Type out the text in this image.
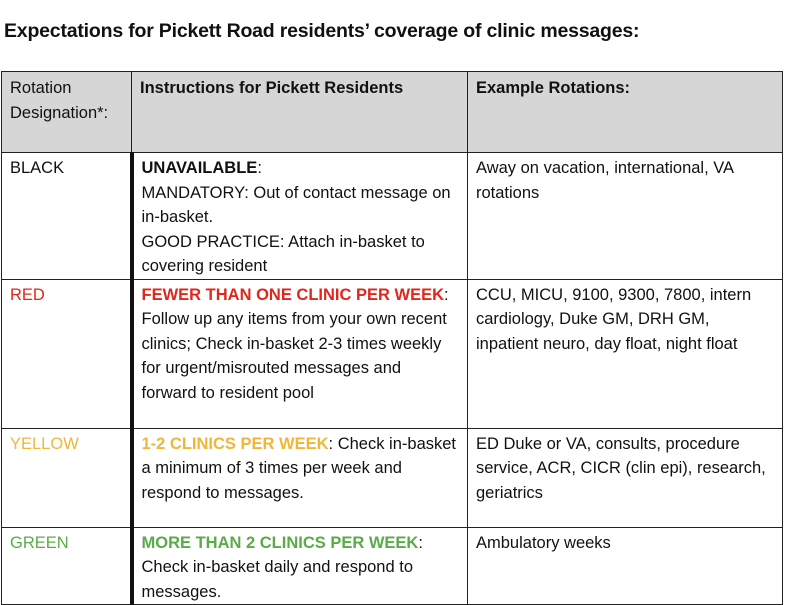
Expectations for Pickett Road residents’ coverage of clinic messages:
Rotation Designation*:	Instructions for Pickett Residents	Example Rotations:
BLACK	UNAVAILABLE:
MANDATORY: Out of contact message on in-basket.
GOOD PRACTICE: Attach in-basket to covering resident	Away on vacation, international, VA rotations
RED	FEWER THAN ONE CLINIC PER WEEK:
Follow up any items from your own recent clinics; Check in-basket 2-3 times weekly for urgent/misrouted messages and forward to resident pool	CCU, MICU, 9100, 9300, 7800, intern cardiology, Duke GM, DRH GM, inpatient neuro, day float, night float
YELLOW	1-2 CLINICS PER WEEK: Check in-basket a minimum of 3 times per week and respond to messages.	ED Duke or VA, consults, procedure service, ACR, CICR (clin epi), research, geriatrics
GREEN	MORE THAN 2 CLINICS PER WEEK:
Check in-basket daily and respond to messages.	Ambulatory weeks
